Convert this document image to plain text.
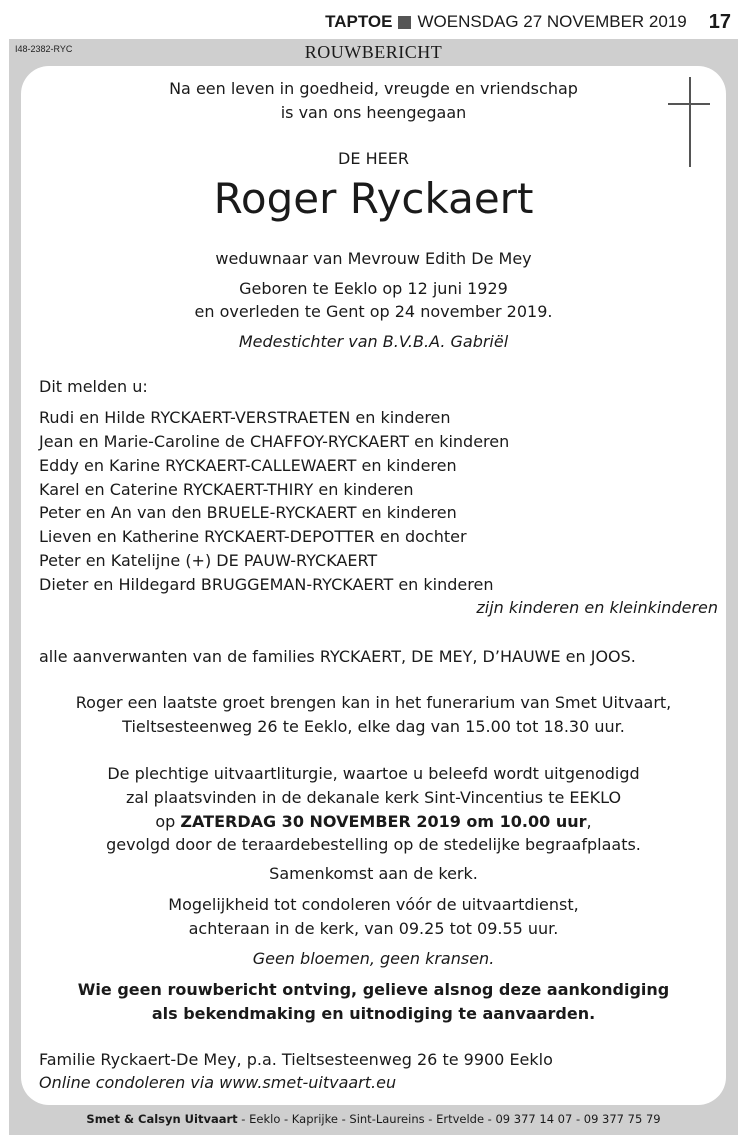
TAPTOE WOENSDAG 27 NOVEMBER 2019 17
I48-2382-RYC	ROUWBERICHT
Na een leven in goedheid, vreugde en vriendschap
is van ons heengegaan
DE HEER
Roger Ryckaert
weduwnaar van Mevrouw Edith De Mey
Geboren te Eeklo op 12 juni 1929
en overleden te Gent op 24 november 2019.
Medestichter van B.V.B.A. Gabriël
Dit melden u:
Rudi en Hilde RYCKAERT-VERSTRAETEN en kinderen
Jean en Marie-Caroline de CHAFFOY-RYCKAERT en kinderen
Eddy en Karine RYCKAERT-CALLEWAERT en kinderen
Karel en Caterine RYCKAERT-THIRY en kinderen
Peter en An van den BRUELE-RYCKAERT en kinderen
Lieven en Katherine RYCKAERT-DEPOTTER en dochter
Peter en Katelijne (+) DE PAUW-RYCKAERT
Dieter en Hildegard BRUGGEMAN-RYCKAERT en kinderen
zijn kinderen en kleinkinderen
alle aanverwanten van de families RYCKAERT, DE MEY, D’HAUWE en JOOS.
Roger een laatste groet brengen kan in het funerarium van Smet Uitvaart,
Tieltsesteenweg 26 te Eeklo, elke dag van 15.00 tot 18.30 uur.
De plechtige uitvaartliturgie, waartoe u beleefd wordt uitgenodigd
zal plaatsvinden in de dekanale kerk Sint-Vincentius te EEKLO
op ZATERDAG 30 NOVEMBER 2019 om 10.00 uur,
gevolgd door de teraardebestelling op de stedelijke begraafplaats.
Samenkomst aan de kerk.
Mogelijkheid tot condoleren vóór de uitvaartdienst,
achteraan in de kerk, van 09.25 tot 09.55 uur.
Geen bloemen, geen kransen.
Wie geen rouwbericht ontving, gelieve alsnog deze aankondiging
als bekendmaking en uitnodiging te aanvaarden.
Familie Ryckaert-De Mey, p.a. Tieltsesteenweg 26 te 9900 Eeklo
Online condoleren via www.smet-uitvaart.eu
Smet & Calsyn Uitvaart - Eeklo - Kaprijke - Sint-Laureins - Ertvelde - 09 377 14 07 - 09 377 75 79
